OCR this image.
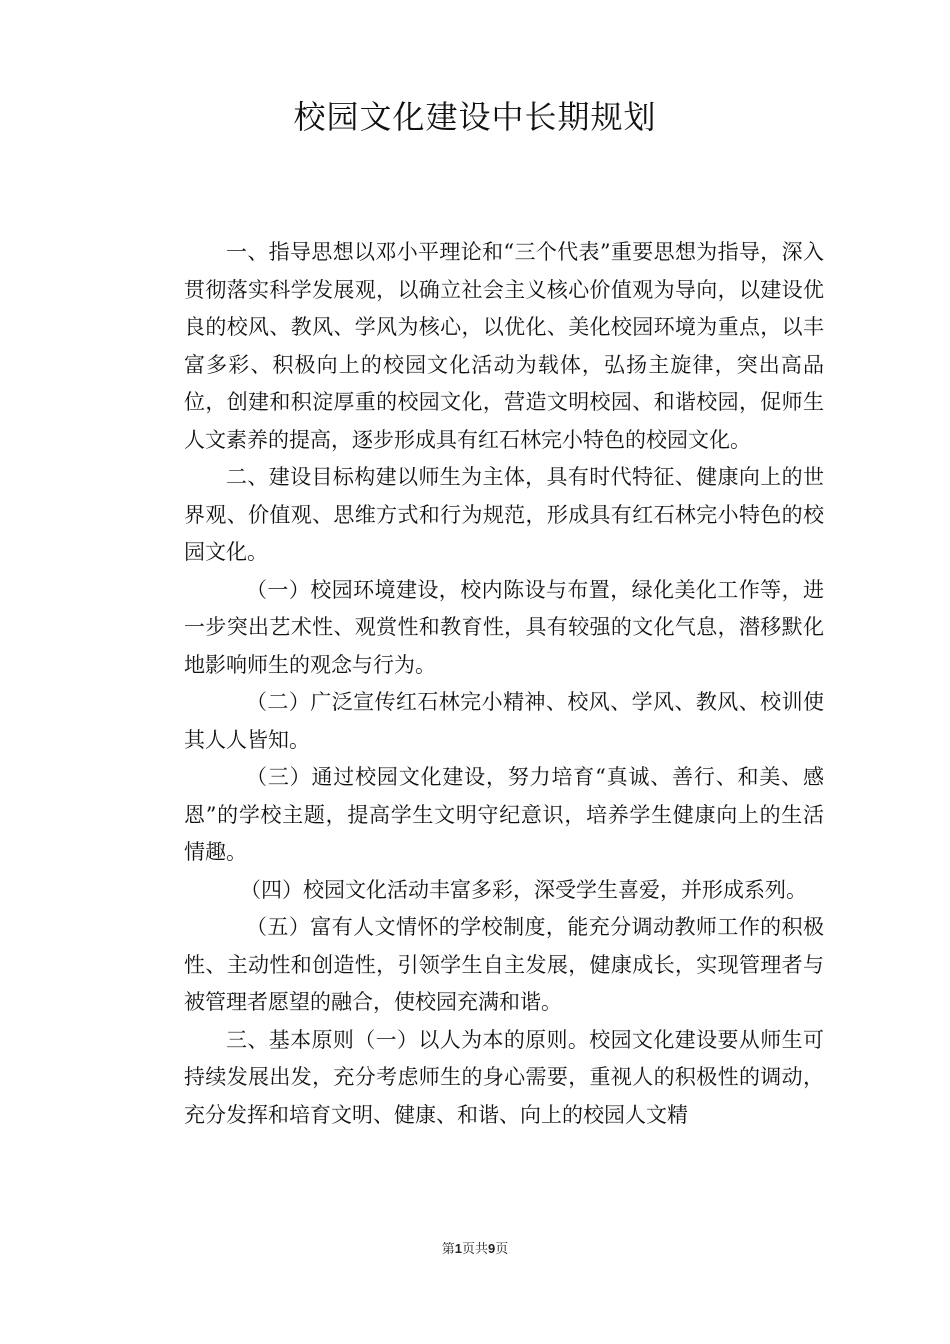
校园文化建设中长期规划

一、指导思想以邓小平理论和“三个代表”重要思想为指导，深入贯彻落实科学发展观，以确立社会主义核心价值观为导向，以建设优良的校风、教风、学风为核心，以优化、美化校园环境为重点，以丰富多彩、积极向上的校园文化活动为载体，弘扬主旋律，突出高品位，创建和积淀厚重的校园文化，营造文明校园、和谐校园，促师生人文素养的提高，逐步形成具有红石林完小特色的校园文化。

二、建设目标构建以师生为主体，具有时代特征、健康向上的世界观、价值观、思维方式和行为规范，形成具有红石林完小特色的校园文化。

（一）校园环境建设，校内陈设与布置，绿化美化工作等，进一步突出艺术性、观赏性和教育性，具有较强的文化气息，潜移默化地影响师生的观念与行为。

（二）广泛宣传红石林完小精神、校风、学风、教风、校训使其人人皆知。

（三）通过校园文化建设，努力培育“真诚、善行、和美、感恩”的学校主题，提高学生文明守纪意识，培养学生健康向上的生活情趣。

（四）校园文化活动丰富多彩，深受学生喜爱，并形成系列。

（五）富有人文情怀的学校制度，能充分调动教师工作的积极性、主动性和创造性，引领学生自主发展，健康成长，实现管理者与被管理者愿望的融合，使校园充满和谐。

三、基本原则（一）以人为本的原则。校园文化建设要从师生可持续发展出发，充分考虑师生的身心需要，重视人的积极性的调动，充分发挥和培育文明、健康、和谐、向上的校园人文精

第1页共9页
